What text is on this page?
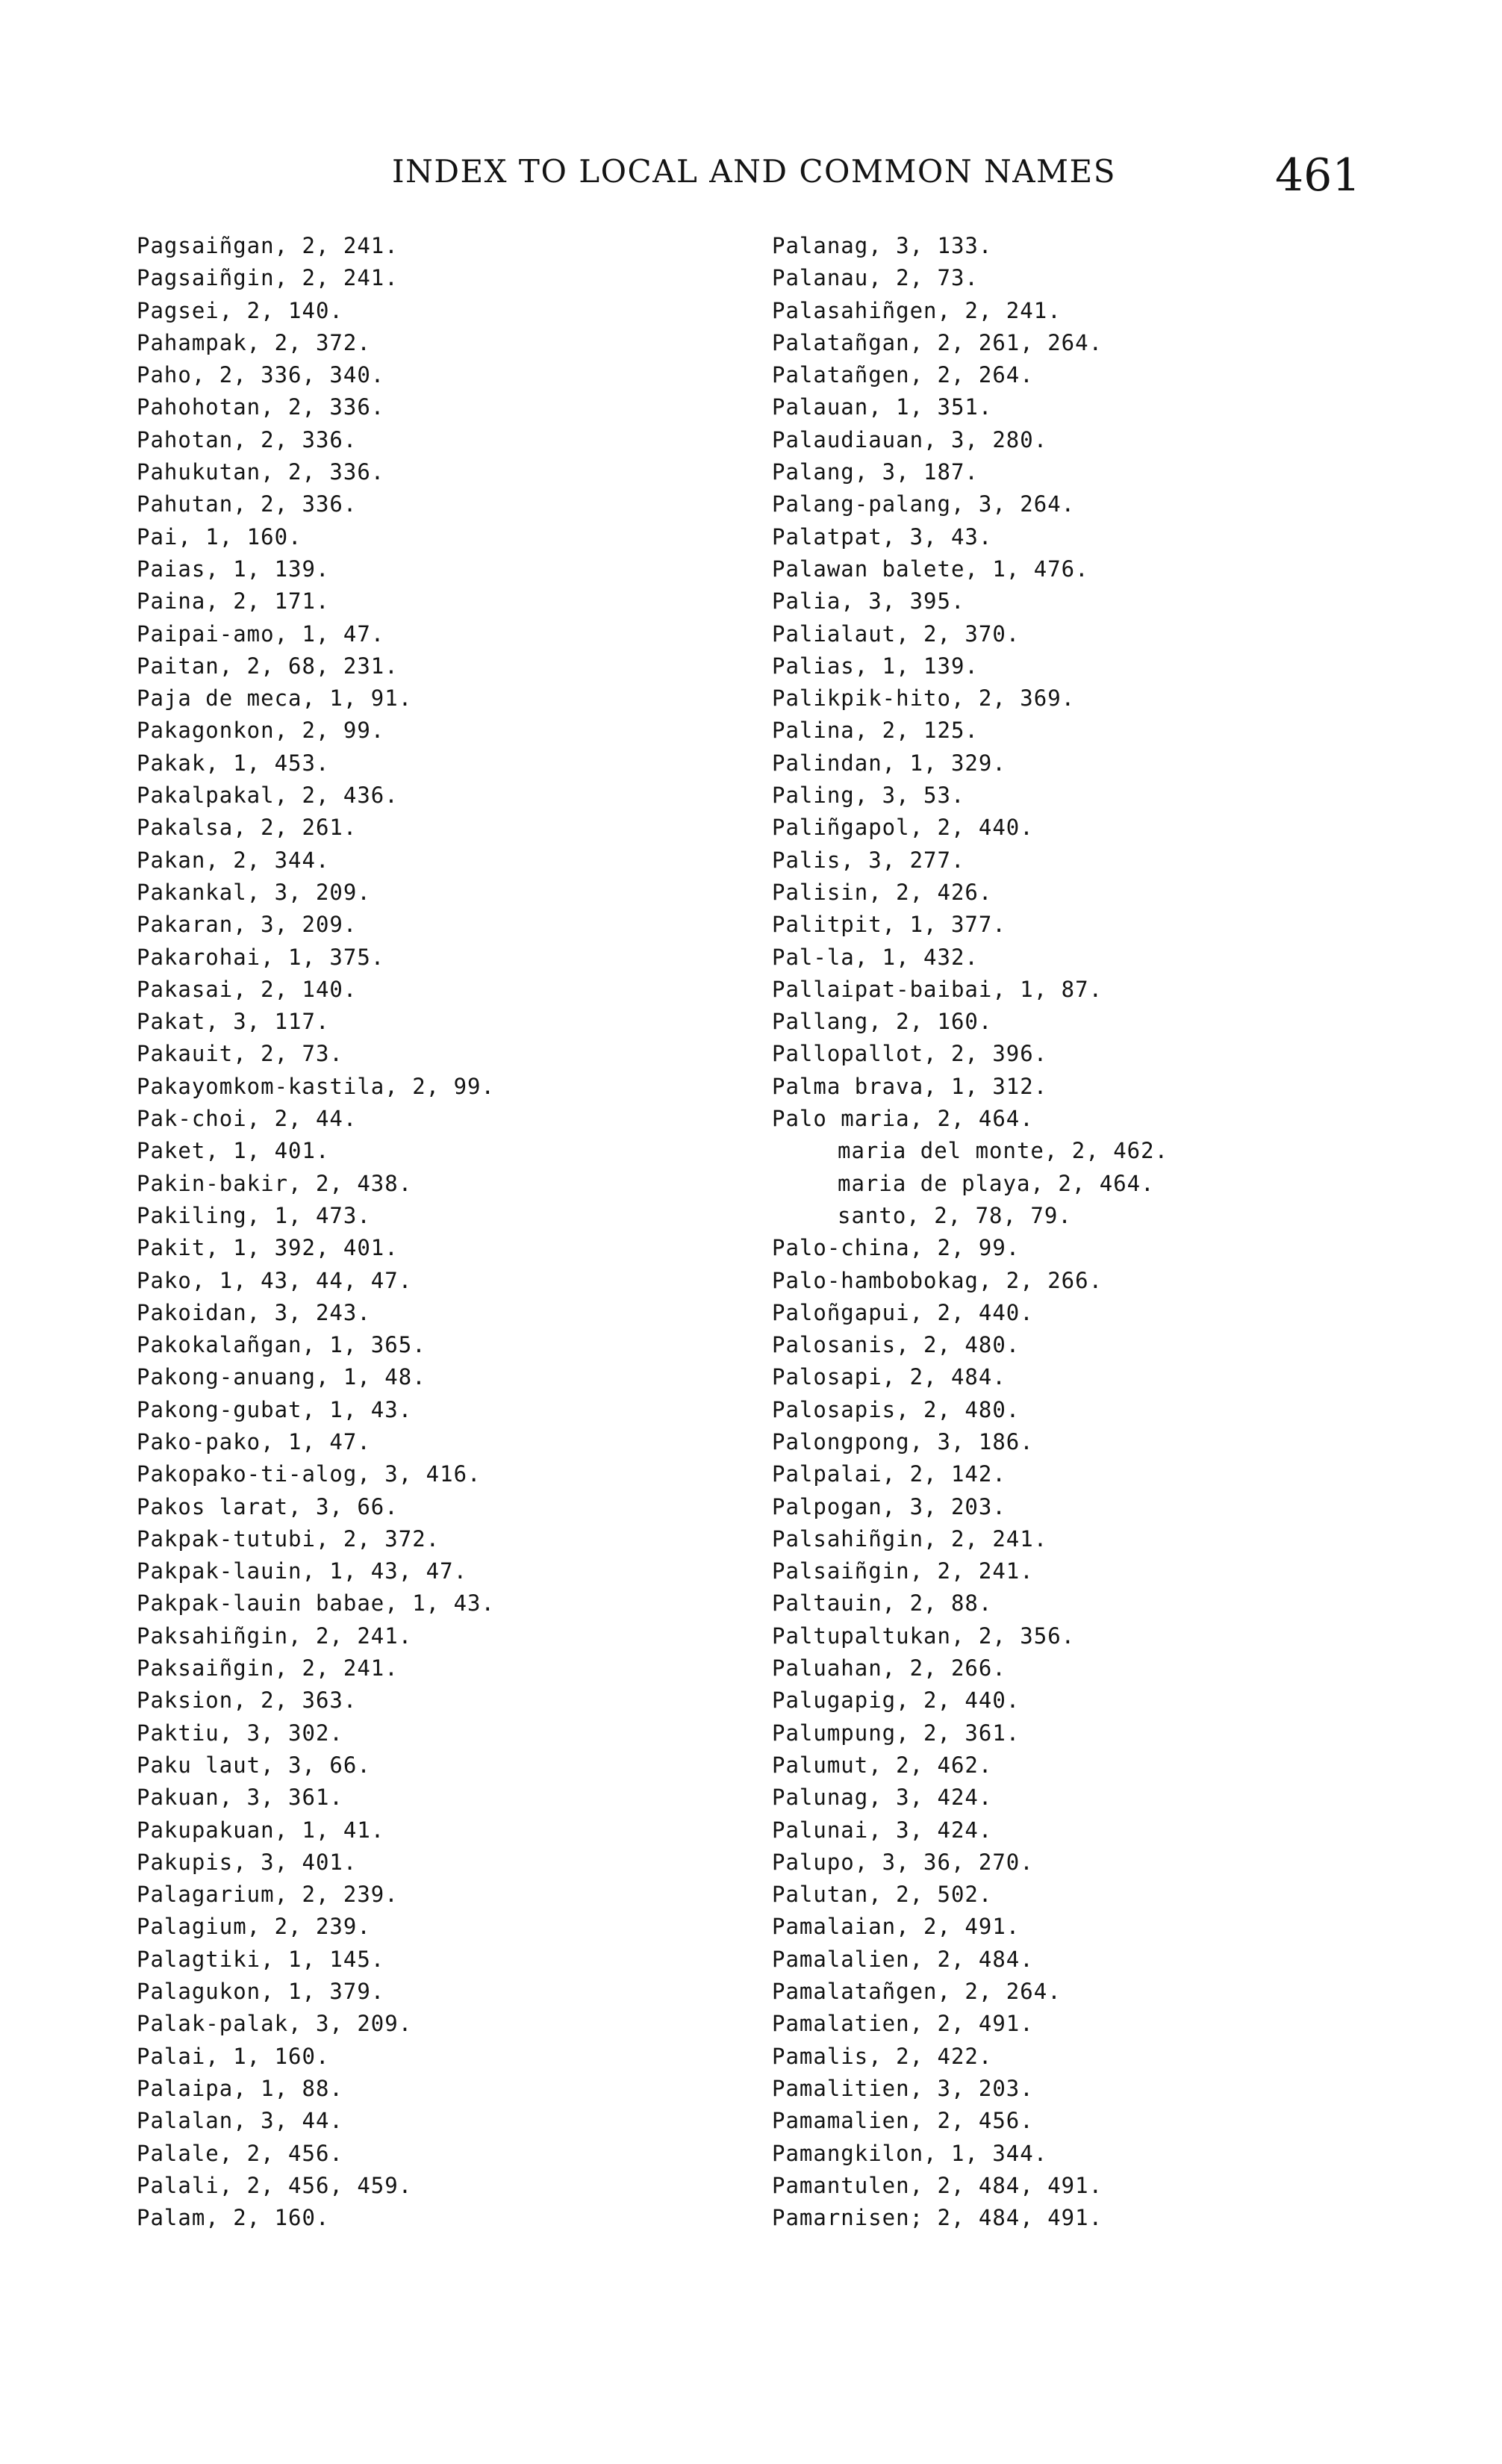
INDEX TO LOCAL AND COMMON NAMES	461
Pagsaiñgan, 2, 241.
Pagsaiñgin, 2, 241.
Pagsei, 2, 140.
Pahampak, 2, 372.
Paho, 2, 336, 340.
Pahohotan, 2, 336.
Pahotan, 2, 336.
Pahukutan, 2, 336.
Pahutan, 2, 336.
Pai, 1, 160.
Paias, 1, 139.
Paina, 2, 171.
Paipai-amo, 1, 47.
Paitan, 2, 68, 231.
Paja de meca, 1, 91.
Pakagonkon, 2, 99.
Pakak, 1, 453.
Pakalpakal, 2, 436.
Pakalsa, 2, 261.
Pakan, 2, 344.
Pakankal, 3, 209.
Pakaran, 3, 209.
Pakarohai, 1, 375.
Pakasai, 2, 140.
Pakat, 3, 117.
Pakauit, 2, 73.
Pakayomkom-kastila, 2, 99.
Pak-choi, 2, 44.
Paket, 1, 401.
Pakin-bakir, 2, 438.
Pakiling, 1, 473.
Pakit, 1, 392, 401.
Pako, 1, 43, 44, 47.
Pakoidan, 3, 243.
Pakokalañgan, 1, 365.
Pakong-anuang, 1, 48.
Pakong-gubat, 1, 43.
Pako-pako, 1, 47.
Pakopako-ti-alog, 3, 416.
Pakos larat, 3, 66.
Pakpak-tutubi, 2, 372.
Pakpak-lauin, 1, 43, 47.
Pakpak-lauin babae, 1, 43.
Paksahiñgin, 2, 241.
Paksaiñgin, 2, 241.
Paksion, 2, 363.
Paktiu, 3, 302.
Paku laut, 3, 66.
Pakuan, 3, 361.
Pakupakuan, 1, 41.
Pakupis, 3, 401.
Palagarium, 2, 239.
Palagium, 2, 239.
Palagtiki, 1, 145.
Palagukon, 1, 379.
Palak-palak, 3, 209.
Palai, 1, 160.
Palaipa, 1, 88.
Palalan, 3, 44.
Palale, 2, 456.
Palali, 2, 456, 459.
Palam, 2, 160.
Palanag, 3, 133.
Palanau, 2, 73.
Palasahiñgen, 2, 241.
Palatañgan, 2, 261, 264.
Palatañgen, 2, 264.
Palauan, 1, 351.
Palaudiauan, 3, 280.
Palang, 3, 187.
Palang-palang, 3, 264.
Palatpat, 3, 43.
Palawan balete, 1, 476.
Palia, 3, 395.
Palialaut, 2, 370.
Palias, 1, 139.
Palikpik-hito, 2, 369.
Palina, 2, 125.
Palindan, 1, 329.
Paling, 3, 53.
Paliñgapol, 2, 440.
Palis, 3, 277.
Palisin, 2, 426.
Palitpit, 1, 377.
Pal-la, 1, 432.
Pallaipat-baibai, 1, 87.
Pallang, 2, 160.
Pallopallot, 2, 396.
Palma brava, 1, 312.
Palo maria, 2, 464.
maria del monte, 2, 462.
maria de playa, 2, 464.
santo, 2, 78, 79.
Palo-china, 2, 99.
Palo-hambobokag, 2, 266.
Paloñgapui, 2, 440.
Palosanis, 2, 480.
Palosapi, 2, 484.
Palosapis, 2, 480.
Palongpong, 3, 186.
Palpalai, 2, 142.
Palpogan, 3, 203.
Palsahiñgin, 2, 241.
Palsaiñgin, 2, 241.
Paltauin, 2, 88.
Paltupaltukan, 2, 356.
Paluahan, 2, 266.
Palugapig, 2, 440.
Palumpung, 2, 361.
Palumut, 2, 462.
Palunag, 3, 424.
Palunai, 3, 424.
Palupo, 3, 36, 270.
Palutan, 2, 502.
Pamalaian, 2, 491.
Pamalalien, 2, 484.
Pamalatañgen, 2, 264.
Pamalatien, 2, 491.
Pamalis, 2, 422.
Pamalitien, 3, 203.
Pamamalien, 2, 456.
Pamangkilon, 1, 344.
Pamantulen, 2, 484, 491.
Pamarnisen; 2, 484, 491.
